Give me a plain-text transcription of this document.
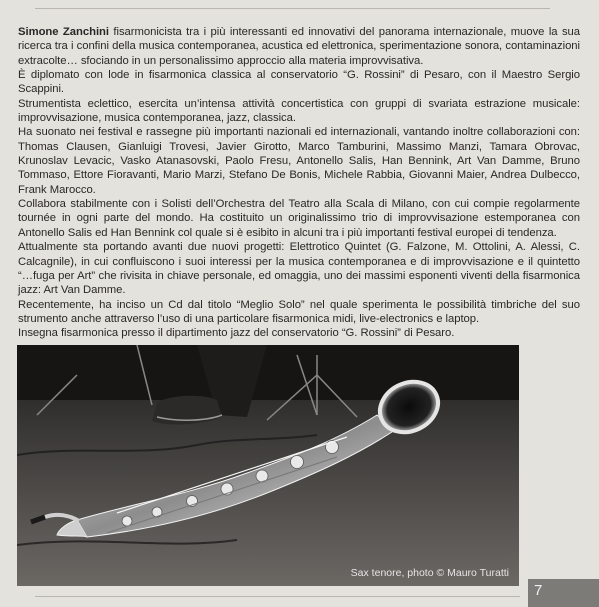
Simone Zanchini fisarmonicista tra i più interessanti ed innovativi del panorama internazionale, muove la sua ricerca tra i confini della musica contemporanea, acustica ed elettronica, sperimentazione sonora, contaminazioni extracolte… sfociando in un personalissimo approccio alla materia improvvisativa.

È diplomato con lode in fisarmonica classica al conservatorio “G. Rossini” di Pesaro, con il Maestro Sergio Scappini.

Strumentista eclettico, esercita un’intensa attività concertistica con gruppi di svariata estrazione musicale: improvvisazione, musica contemporanea, jazz, classica.

Ha suonato nei festival e rassegne più importanti nazionali ed internazionali, vantando inoltre collaborazioni con: Thomas Clausen, Gianluigi Trovesi, Javier Girotto, Marco Tamburini, Massimo Manzi, Tamara Obrovac, Krunoslav Levacic, Vasko Atanasovski, Paolo Fresu, Antonello Salis, Han Bennink, Art Van Damme, Bruno Tommaso, Ettore Fioravanti, Mario Marzi, Stefano De Bonis, Michele Rabbia, Giovanni Maier, Andrea Dulbecco, Frank Marocco.

Collabora stabilmente con i Solisti dell’Orchestra del Teatro alla Scala di Milano, con cui compie regolarmente tournée in ogni parte del mondo. Ha costituito un originalissimo trio di improvvisazione estemporanea con Antonello Salis ed Han Bennink col quale si è esibito in alcuni tra i più importanti festival europei di tendenza.

Attualmente sta portando avanti due nuovi progetti: Elettrotico Quintet (G. Falzone, M. Ottolini, A. Alessi, C. Calcagnile), in cui confluiscono i suoi interessi per la musica contemporanea e di improvvisazione e il quintetto “…fuga per Art” che rivisita in chiave personale, ed omaggia, uno dei massimi esponenti viventi della fisarmonica jazz: Art Van Damme.

Recentemente, ha inciso un Cd dal titolo “Meglio Solo” nel quale sperimenta le possibilità timbriche del suo strumento anche attraverso l’uso di una particolare fisarmonica midi, live-electronics e laptop.

Insegna fisarmonica presso il dipartimento jazz del conservatorio “G. Rossini” di Pesaro.

Sax tenore, photo © Mauro Turatti
7
